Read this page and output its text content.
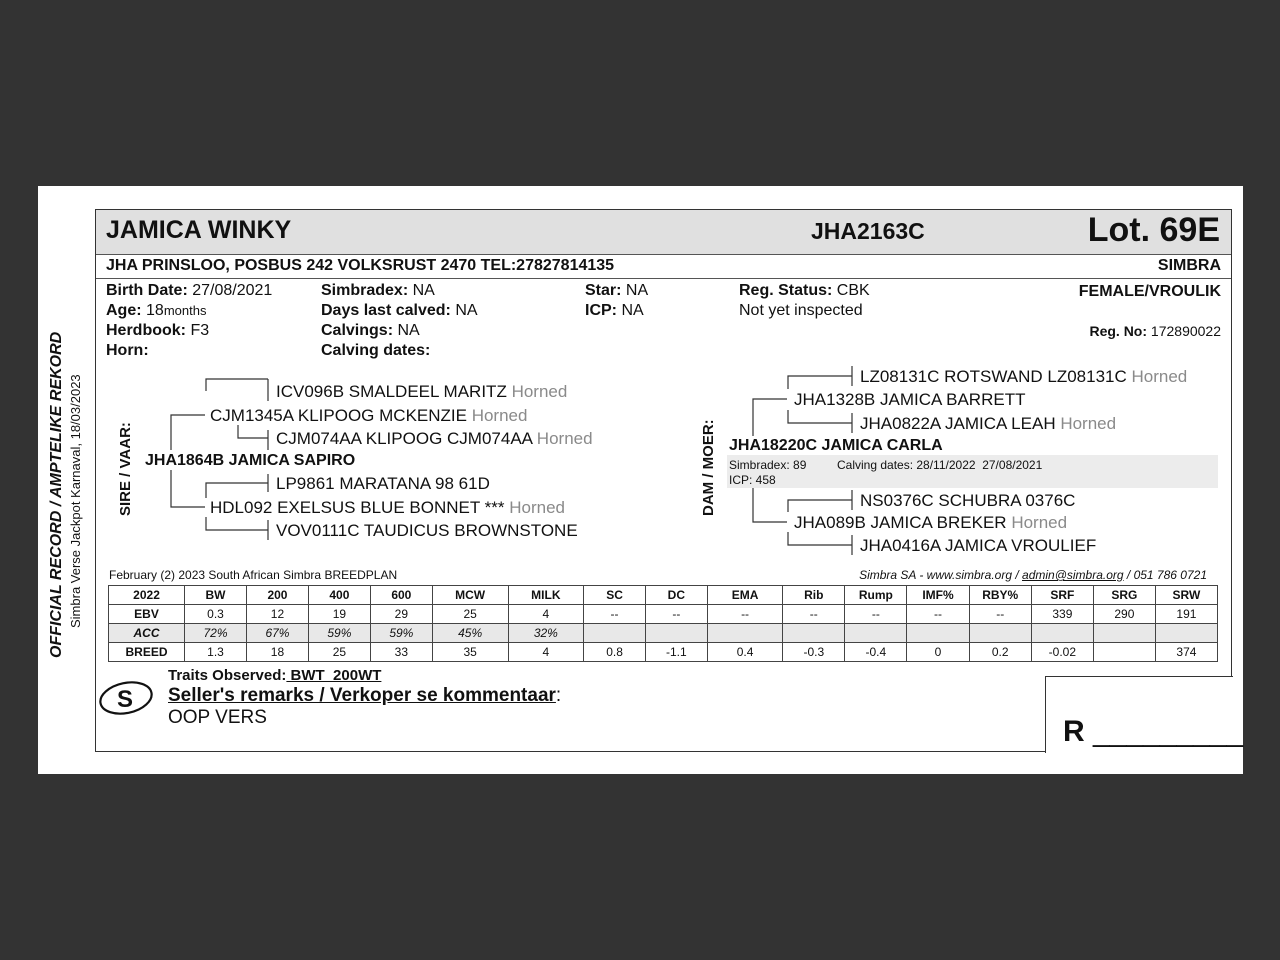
OFFICIAL RECORD / AMPTELIKE REKORD Simbra Verse Jackpot Karnaval, 18/03/2023
JAMICA WINKY	JHA2163C	Lot. 69E
JHA PRINSLOO, POSBUS 242 VOLKSRUST 2470 TEL:27827814135	SIMBRA
Birth Date: 27/08/2021
Age: 18months
Herdbook: F3
Horn:
Simbradex: NA
Days last calved: NA
Calvings: NA
Calving dates:
Star: NA
ICP: NA
Reg. Status: CBK
Not yet inspected
FEMALE/VROULIK
Reg. No: 172890022
SIRE / VAAR:
ICV096B SMALDEEL MARITZ Horned
CJM1345A KLIPOOG MCKENZIE Horned
CJM074AA KLIPOOG CJM074AA Horned
JHA1864B JAMICA SAPIRO
LP9861 MARATANA 98 61D
HDL092 EXELSUS BLUE BONNET *** Horned
VOV0111C TAUDICUS BROWNSTONE
DAM / MOER:
LZ08131C ROTSWAND LZ08131C Horned
JHA1328B JAMICA BARRETT
JHA0822A JAMICA LEAH Horned
JHA18220C JAMICA CARLA
Simbradex: 89	Calving dates: 28/11/2022  27/08/2021
ICP: 458
NS0376C SCHUBRA 0376C
JHA089B JAMICA BREKER Horned
JHA0416A JAMICA VROULIEF
February (2) 2023 South African Simbra BREEDPLAN	Simbra SA - www.simbra.org / admin@simbra.org / 051 786 0721
2022	BW	200	400	600	MCW	MILK	SC	DC	EMA	Rib	Rump	IMF%	RBY%	SRF	SRG	SRW
EBV	0.3	12	19	29	25	4	--	--	--	--	--	--	--	339	290	191
ACC	72%	67%	59%	59%	45%	32%										
BREED	1.3	18	25	33	35	4	0.8	-1.1	0.4	-0.3	-0.4	0	0.2	-0.02		374
S
Traits Observed: BWT  200WT
Seller's remarks / Verkoper se kommentaar:
OOP VERS	R _________
